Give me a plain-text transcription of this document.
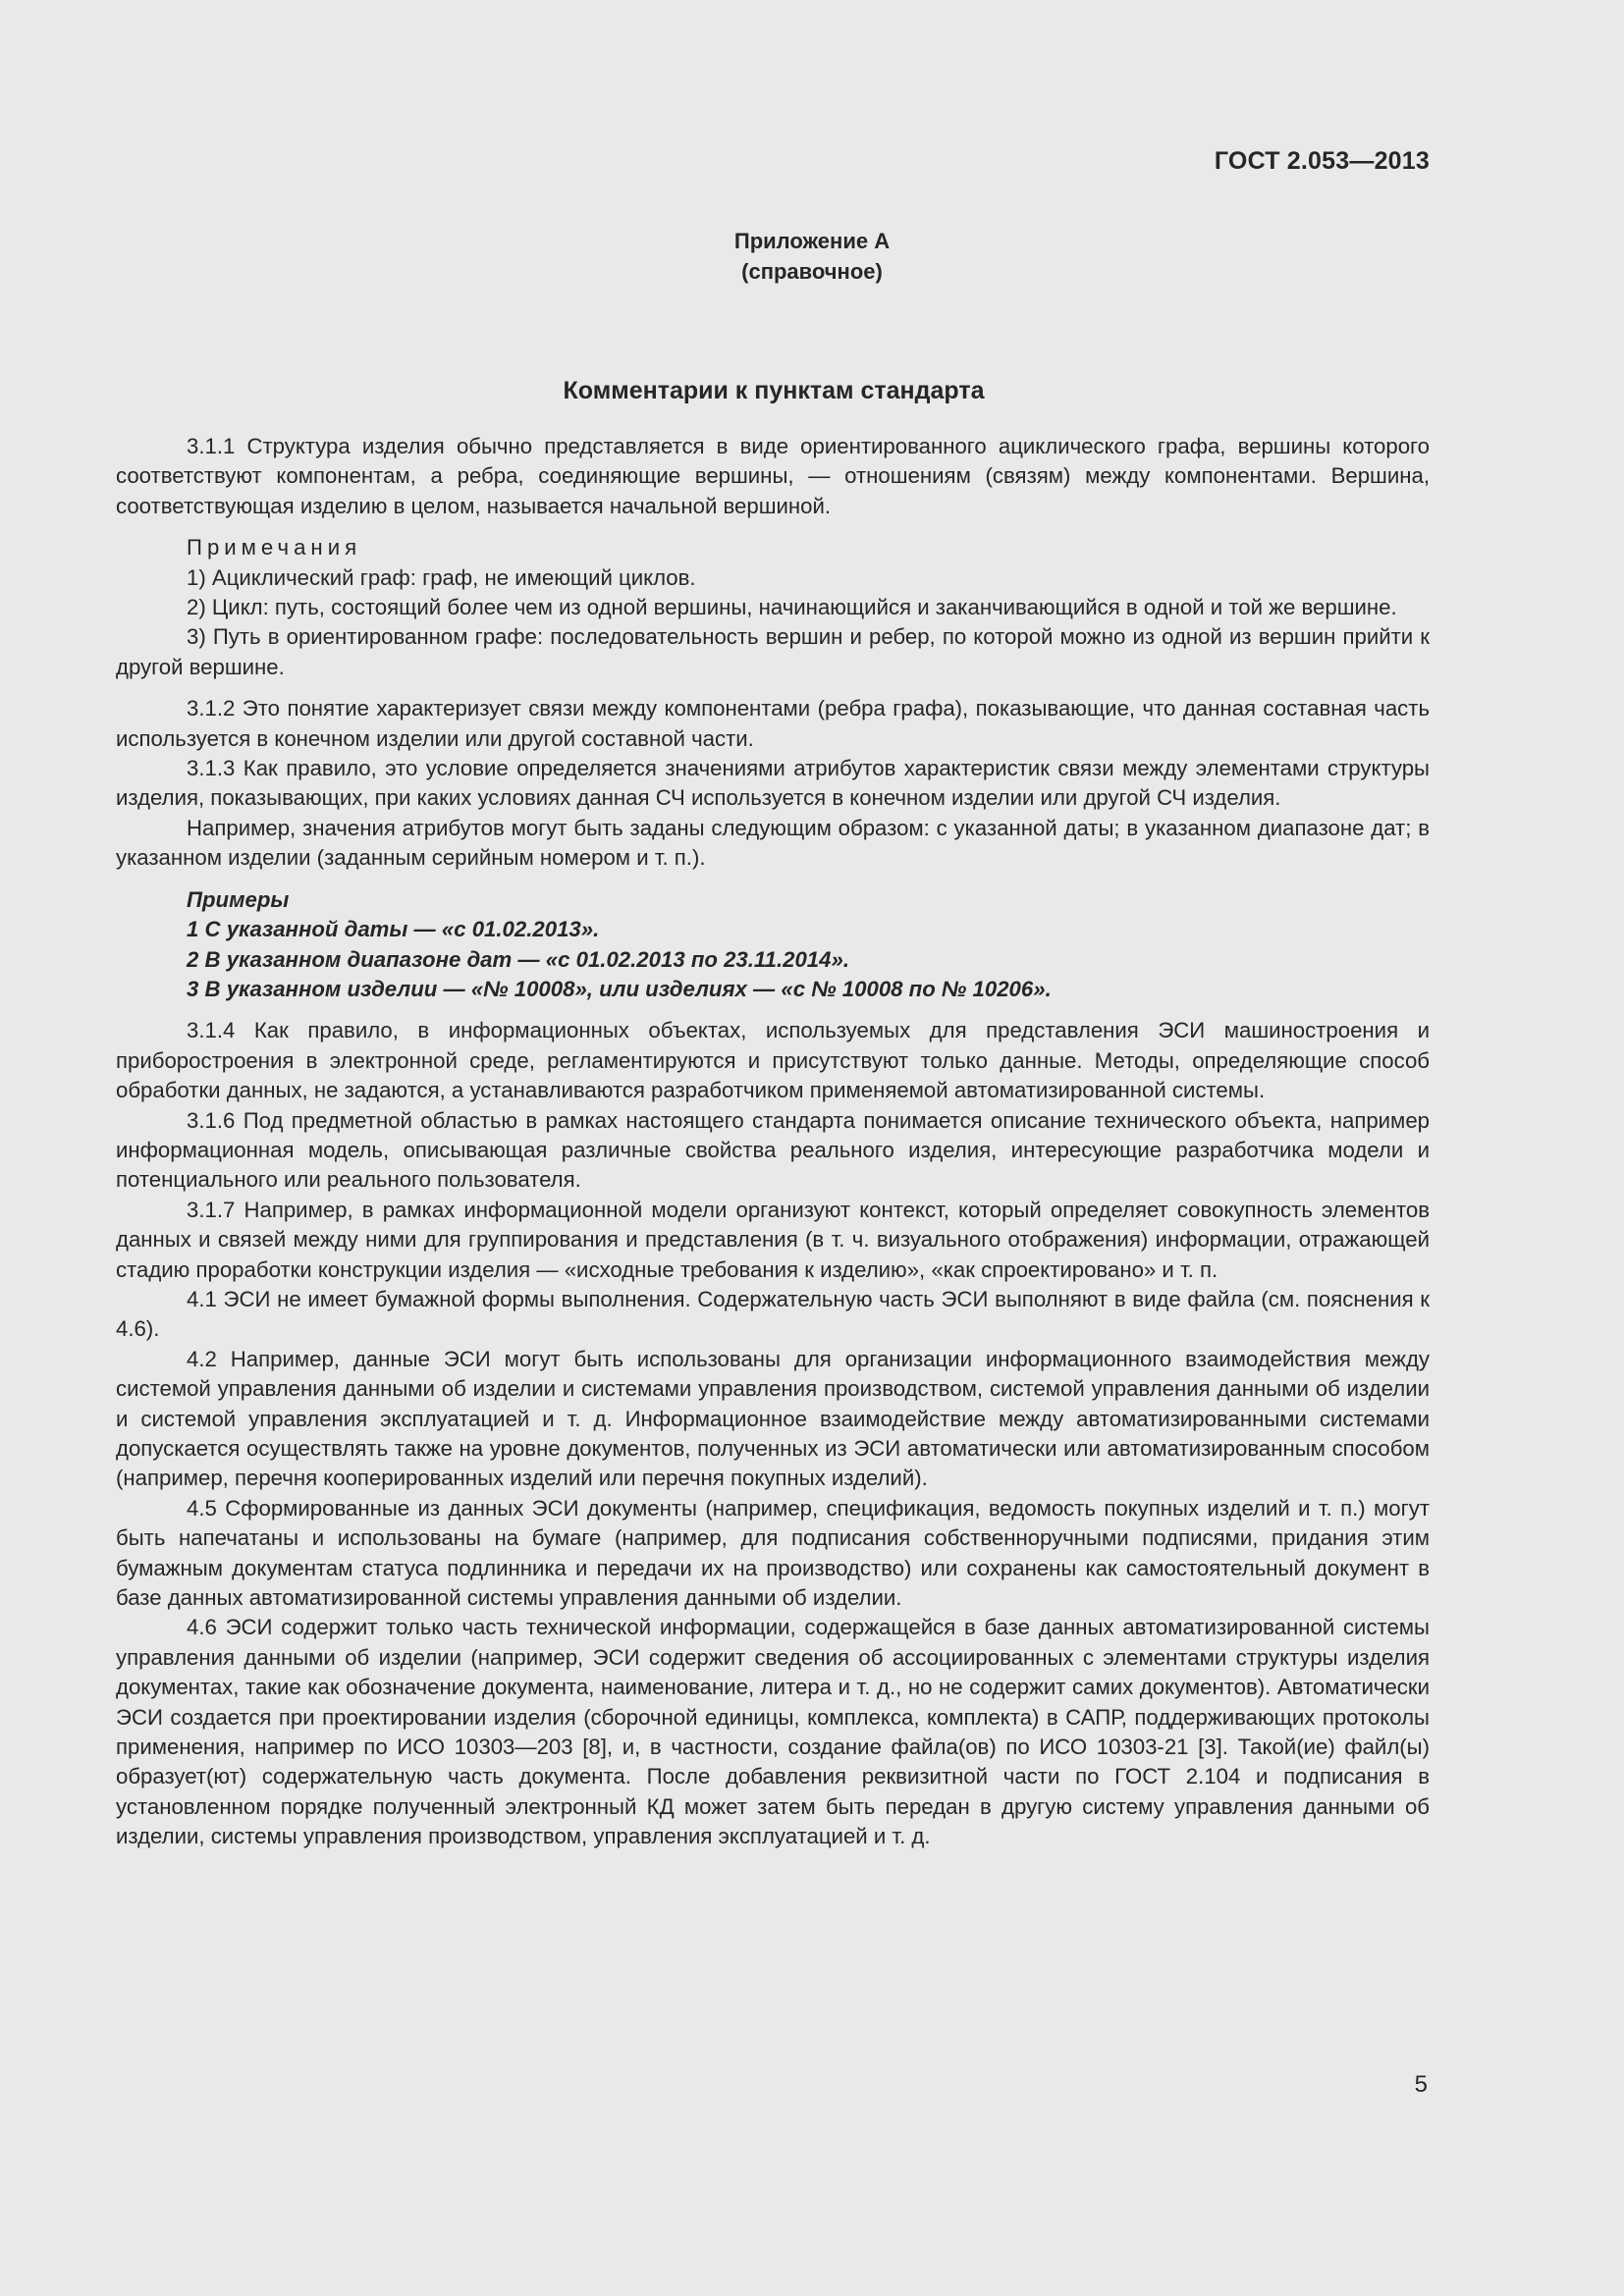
ГОСТ 2.053—2013
Приложение А
(справочное)
Комментарии к пунктам стандарта

3.1.1 Структура изделия обычно представляется в виде ориентированного ациклического графа, вершины которого соответствуют компонентам, а ребра, соединяющие вершины, — отношениям (связям) между компонентами. Вершина, соответствующая изделию в целом, называется начальной вершиной.

Примечания

1) Ациклический граф: граф, не имеющий циклов.

2) Цикл: путь, состоящий более чем из одной вершины, начинающийся и заканчивающийся в одной и той же вершине.

3) Путь в ориентированном графе: последовательность вершин и ребер, по которой можно из одной из вершин прийти к другой вершине.

3.1.2 Это понятие характеризует связи между компонентами (ребра графа), показывающие, что данная составная часть используется в конечном изделии или другой составной части.

3.1.3 Как правило, это условие определяется значениями атрибутов характеристик связи между элементами структуры изделия, показывающих, при каких условиях данная СЧ используется в конечном изделии или другой СЧ изделия.

Например, значения атрибутов могут быть заданы следующим образом: с указанной даты; в указанном диапазоне дат; в указанном изделии (заданным серийным номером и т. п.).

Примеры

1 С указанной даты — «с 01.02.2013».

2 В указанном диапазоне дат — «с 01.02.2013 по 23.11.2014».

3 В указанном изделии — «№ 10008», или изделиях — «с № 10008 по № 10206».

3.1.4 Как правило, в информационных объектах, используемых для представления ЭСИ машиностроения и приборостроения в электронной среде, регламентируются и присутствуют только данные. Методы, определяющие способ обработки данных, не задаются, а устанавливаются разработчиком применяемой автоматизированной системы.

3.1.6 Под предметной областью в рамках настоящего стандарта понимается описание технического объекта, например информационная модель, описывающая различные свойства реального изделия, интересующие разработчика модели и потенциального или реального пользователя.

3.1.7 Например, в рамках информационной модели организуют контекст, который определяет совокупность элементов данных и связей между ними для группирования и представления (в т. ч. визуального отображения) информации, отражающей стадию проработки конструкции изделия — «исходные требования к изделию», «как спроектировано» и т. п.

4.1 ЭСИ не имеет бумажной формы выполнения. Содержательную часть ЭСИ выполняют в виде файла (см. пояснения к 4.6).

4.2 Например, данные ЭСИ могут быть использованы для организации информационного взаимодействия между системой управления данными об изделии и системами управления производством, системой управления данными об изделии и системой управления эксплуатацией и т. д. Информационное взаимодействие между автоматизированными системами допускается осуществлять также на уровне документов, полученных из ЭСИ автоматически или автоматизированным способом (например, перечня кооперированных изделий или перечня покупных изделий).

4.5 Сформированные из данных ЭСИ документы (например, спецификация, ведомость покупных изделий и т. п.) могут быть напечатаны и использованы на бумаге (например, для подписания собственноручными подписями, придания этим бумажным документам статуса подлинника и передачи их на производство) или сохранены как самостоятельный документ в базе данных автоматизированной системы управления данными об изделии.

4.6 ЭСИ содержит только часть технической информации, содержащейся в базе данных автоматизированной системы управления данными об изделии (например, ЭСИ содержит сведения об ассоциированных с элементами структуры изделия документах, такие как обозначение документа, наименование, литера и т. д., но не содержит самих документов). Автоматически ЭСИ создается при проектировании изделия (сборочной единицы, комплекса, комплекта) в САПР, поддерживающих протоколы применения, например по ИСО 10303—203 [8], и, в частности, создание файла(ов) по ИСО 10303-21 [3]. Такой(ие) файл(ы) образует(ют) содержательную часть документа. После добавления реквизитной части по ГОСТ 2.104 и подписания в установленном порядке полученный электронный КД может затем быть передан в другую систему управления данными об изделии, системы управления производством, управления эксплуатацией и т. д.

5
